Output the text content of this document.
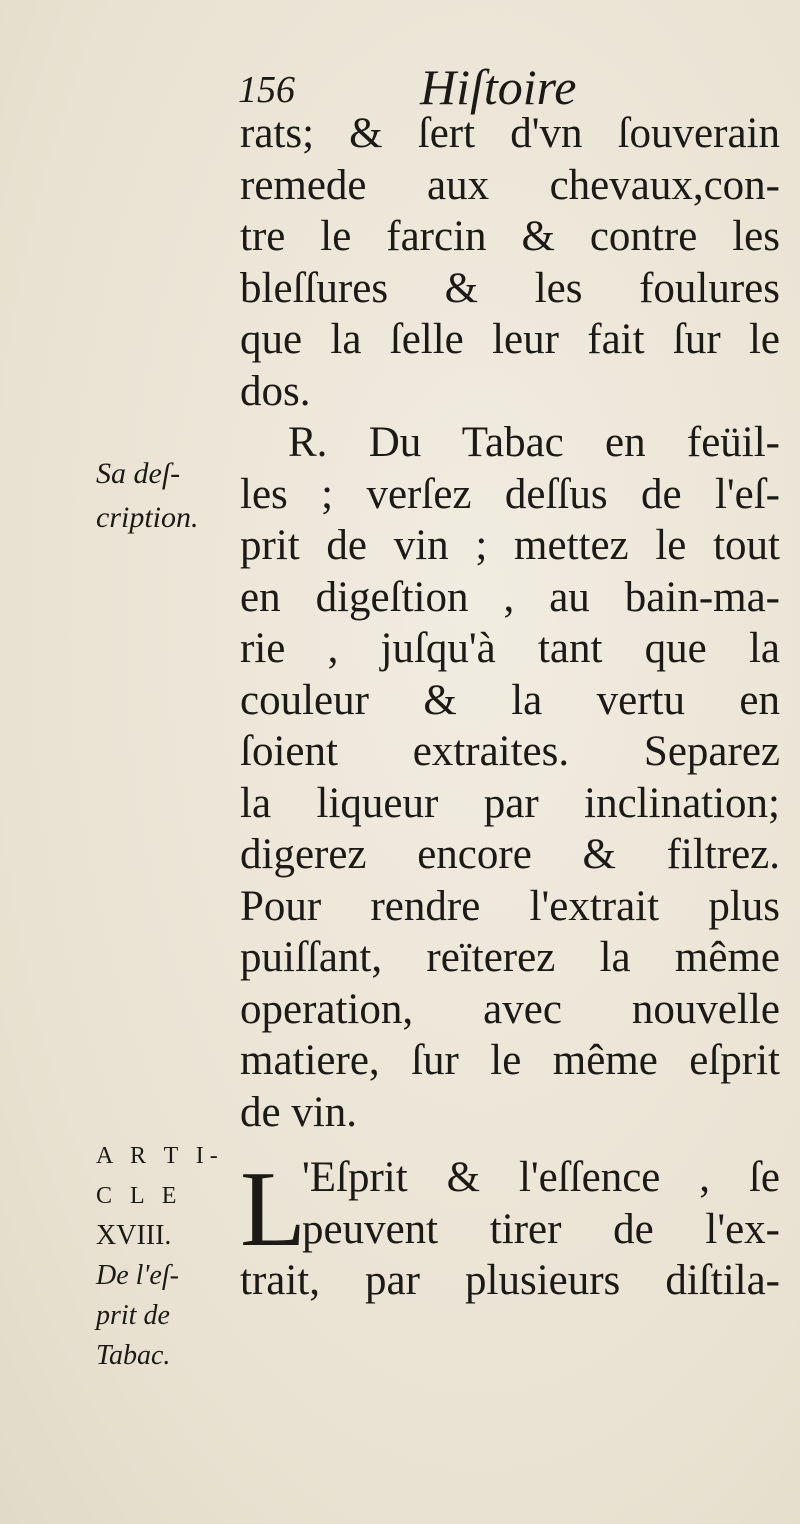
156	Hiſtoire
rats; & ſert d'vn ſouverain
remede aux chevaux,con-
tre le farcin & contre les
bleſſures & les foulures
que la ſelle leur fait ſur le
dos.
R. Du Tabac en feüil-
les ; verſez deſſus de l'eſ-
prit de vin ; mettez le tout
en digeſtion , au bain-ma-
rie , juſqu'à tant que la
couleur & la vertu en
ſoient extraites. Separez
la liqueur par inclination;
digerez encore & filtrez.
Pour rendre l'extrait plus
puiſſant, reïterez la même
operation, avec nouvelle
matiere, ſur le même eſprit
de vin.
L
'Eſprit & l'eſſence , ſe
peuvent tirer de l'ex-
trait, par plusieurs diſtila-
Sa deſ-
cription.
A R T I-
C L E
XVIII.
De l'eſ-
prit de
Tabac.
